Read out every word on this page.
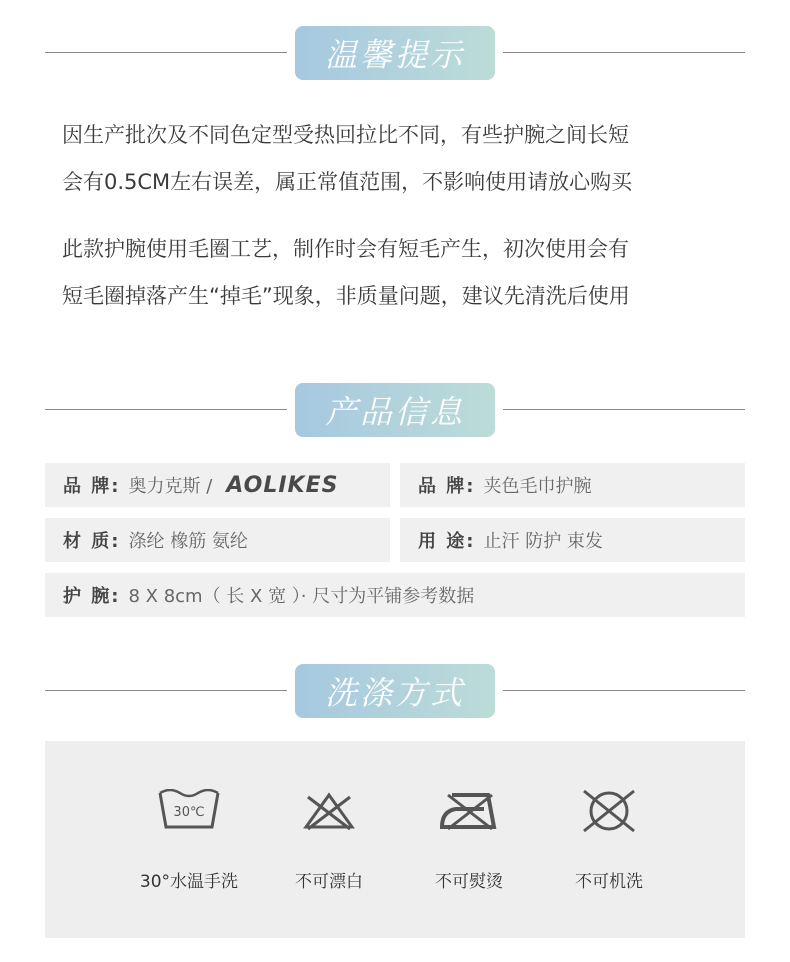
温馨提示
因生产批次及不同色定型受热回拉比不同，有些护腕之间长短
会有0.5CM左右误差，属正常值范围，不影响使用请放心购买
此款护腕使用毛圈工艺，制作时会有短毛产生，初次使用会有
短毛圈掉落产生“掉毛”现象，非质量问题，建议先清洗后使用
产品信息
品 牌: 奥力克斯 / AOLIKES	品 牌: 夹色毛巾护腕
材 质: 涤纶 橡筋 氨纶	用 途: 止汗 防护 束发
护 腕: 8 X 8cm（ 长 X 宽 ）· 尺寸为平铺参考数据
洗涤方式
30℃
30°水温手洗	不可漂白	不可熨烫	不可机洗
